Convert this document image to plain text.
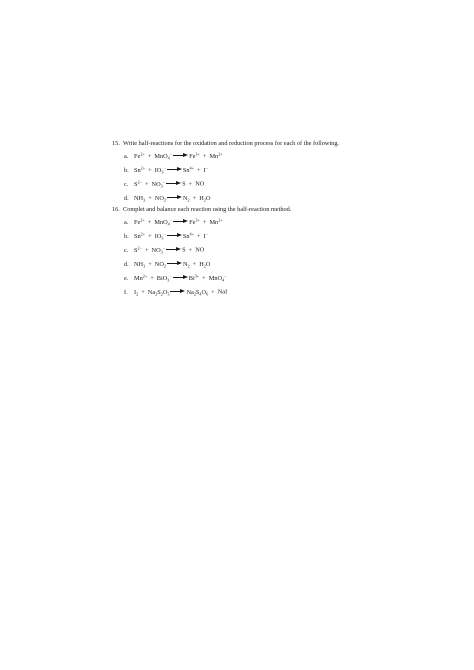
15. Write half-reactions for the oxidation and reduction process for each of the following.
a. $Fe^{2+} + MnO_4^-$	$Fe^{3+} + Mn^{2+}$
b. $Sn^{2+} + IO_3^-$	$Sn^{4+} + I^-$
c. $S^{2-} + NO_3^-$	S + NO
d. $NH_3 + NO_2$	$N_2 + H_2O$
16. Complet and balance each reaction using the half-reaction method.
a. $Fe^{2+} + MnO_4^-$	$Fe^{3+} + Mn^{2+}$
b. $Sn^{2+} + IO_3^-$	$Sn^{4+} + I^-$
c. $S^{2-} + NO_3^-$	S + NO
d. $NH_3 + NO_2$	$N_2 + H_2O$
e. $Mn^{2+} + BiO_3^-$	$Bi^{3+} + MnO_4^-$
f. $I_2 + Na_2S_2O_3$	$Na_2S_4O_6$ + NaI
